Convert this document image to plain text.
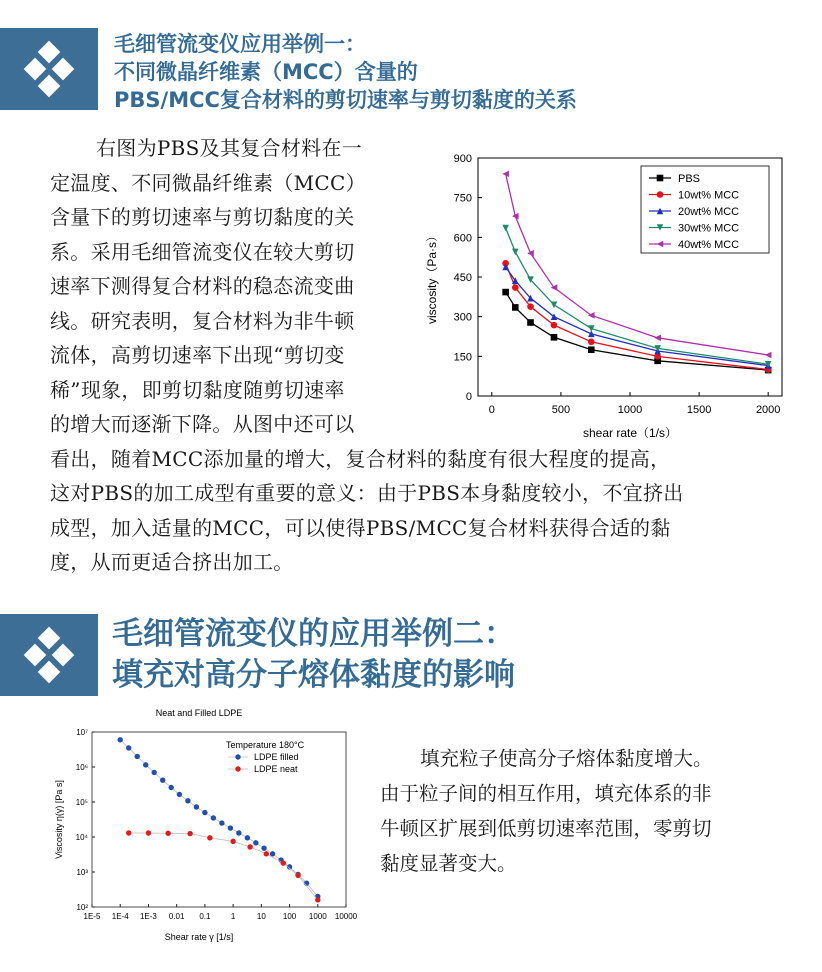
毛细管流变仪应用举例一：
不同微晶纤维素（MCC）含量的
PBS/MCC复合材料的剪切速率与剪切黏度的关系
右图为PBS及其复合材料在一
定温度、不同微晶纤维素（MCC）
含量下的剪切速率与剪切黏度的关
系。采用毛细管流变仪在较大剪切
速率下测得复合材料的稳态流变曲
线。研究表明，复合材料为非牛顿
流体，高剪切速率下出现“剪切变
稀”现象，即剪切黏度随剪切速率
的增大而逐渐下降。从图中还可以
看出，随着MCC添加量的增大，复合材料的黏度有很大程度的提高，
这对PBS的加工成型有重要的意义：由于PBS本身黏度较小，不宜挤出
成型，加入适量的MCC，可以使得PBS/MCC复合材料获得合适的黏
度，从而更适合挤出加工。
0
150
300
450
600
750
900
0	500	1000	1500	2000
shear rate（1/s）
viscosity（Pa·s）
PBS
10wt% MCC
20wt% MCC
30wt% MCC
40wt% MCC
毛细管流变仪的应用举例二：
填充对高分子熔体黏度的影响
Neat and Filled LDPE
1E-5 1E-4 1E-3 0.01 0.1	1	10 100 1000 10000
10²
10³
10⁴
10⁵
10⁶
10⁷
Shear rate γ [1/s]
Viscosity η(γ) [Pa s]
Temperature 180°C
LDPE filled
LDPE neat	填充粒子使高分子熔体黏度增大。
由于粒子间的相互作用，填充体系的非
牛顿区扩展到低剪切速率范围，零剪切
黏度显著变大。
